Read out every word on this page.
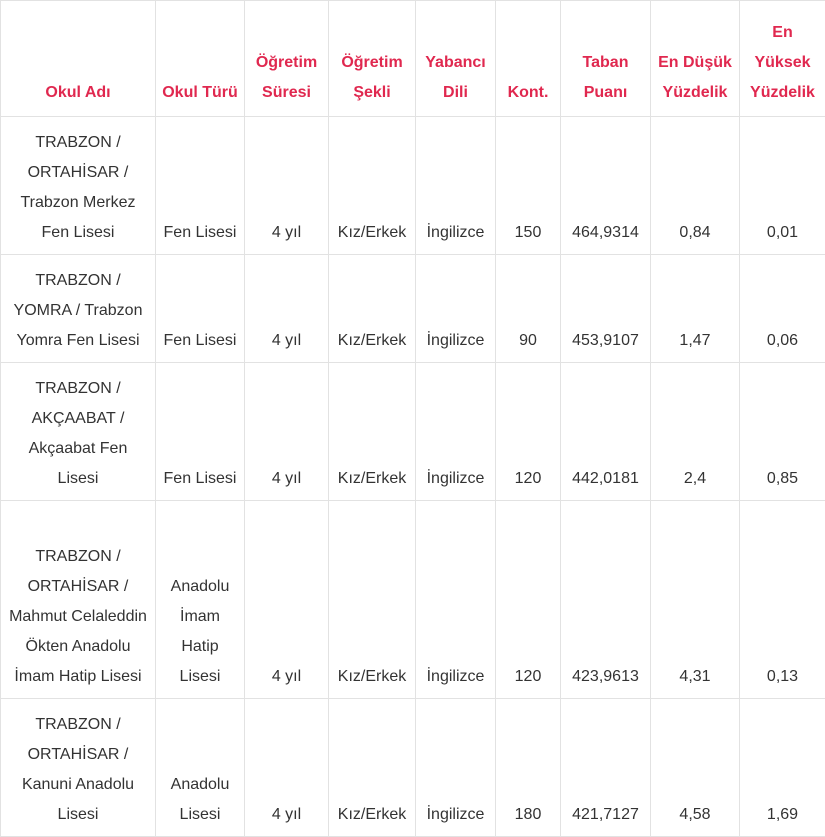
Okul Adı	Okul Türü	Öğretim Süresi	Öğretim Şekli	Yabancı Dili	Kont.	Taban Puanı	En Düşük Yüzdelik	En Yüksek Yüzdelik
TRABZON / ORTAHİSAR / Trabzon Merkez Fen Lisesi	Fen Lisesi	4 yıl	Kız/Erkek	İngilizce	150	464,9314	0,84	0,01
TRABZON / YOMRA / Trabzon Yomra Fen Lisesi	Fen Lisesi	4 yıl	Kız/Erkek	İngilizce	90	453,9107	1,47	0,06
TRABZON / AKÇAABAT / Akçaabat Fen Lisesi	Fen Lisesi	4 yıl	Kız/Erkek	İngilizce	120	442,0181	2,4	0,85
TRABZON / ORTAHİSAR / Mahmut Celaleddin Ökten Anadolu İmam Hatip Lisesi	Anadolu İmam Hatip Lisesi	4 yıl	Kız/Erkek	İngilizce	120	423,9613	4,31	0,13
TRABZON / ORTAHİSAR / Kanuni Anadolu Lisesi	Anadolu Lisesi	4 yıl	Kız/Erkek	İngilizce	180	421,7127	4,58	1,69
